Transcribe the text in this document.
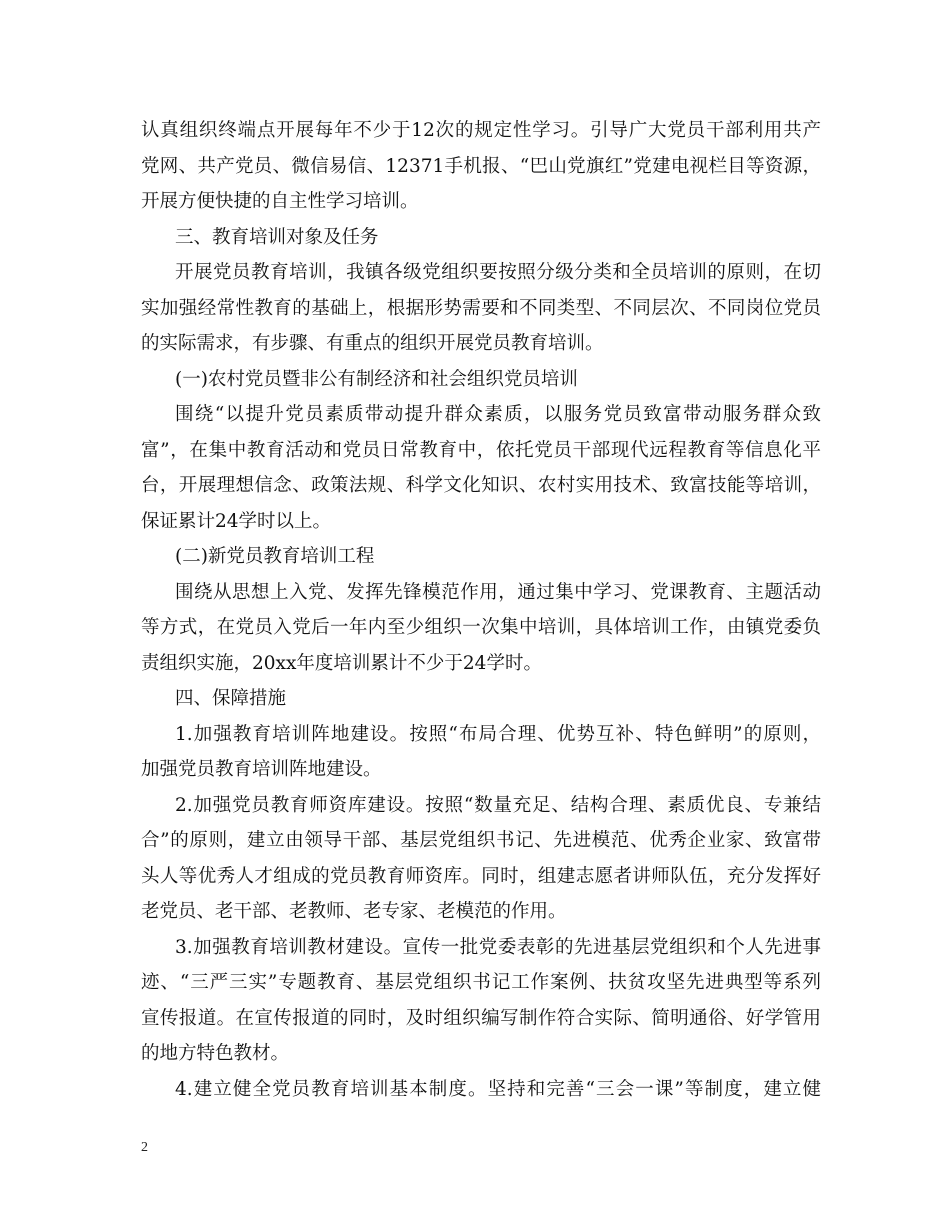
认真组织终端点开展每年不少于12次的规定性学习。引导广大党员干部利用共产
党网、共产党员、微信易信、12371手机报、“巴山党旗红”党建电视栏目等资源，
开展方便快捷的自主性学习培训。
三、教育培训对象及任务
开展党员教育培训，我镇各级党组织要按照分级分类和全员培训的原则，在切
实加强经常性教育的基础上，根据形势需要和不同类型、不同层次、不同岗位党员
的实际需求，有步骤、有重点的组织开展党员教育培训。
(一)农村党员暨非公有制经济和社会组织党员培训
围绕“以提升党员素质带动提升群众素质，以服务党员致富带动服务群众致
富”，在集中教育活动和党员日常教育中，依托党员干部现代远程教育等信息化平
台，开展理想信念、政策法规、科学文化知识、农村实用技术、致富技能等培训，
保证累计24学时以上。
(二)新党员教育培训工程
围绕从思想上入党、发挥先锋模范作用，通过集中学习、党课教育、主题活动
等方式，在党员入党后一年内至少组织一次集中培训，具体培训工作，由镇党委负
责组织实施，20xx年度培训累计不少于24学时。
四、保障措施
1.加强教育培训阵地建设。按照“布局合理、优势互补、特色鲜明”的原则，
加强党员教育培训阵地建设。
2.加强党员教育师资库建设。按照“数量充足、结构合理、素质优良、专兼结
合”的原则，建立由领导干部、基层党组织书记、先进模范、优秀企业家、致富带
头人等优秀人才组成的党员教育师资库。同时，组建志愿者讲师队伍，充分发挥好
老党员、老干部、老教师、老专家、老模范的作用。
3.加强教育培训教材建设。宣传一批党委表彰的先进基层党组织和个人先进事
迹、“三严三实”专题教育、基层党组织书记工作案例、扶贫攻坚先进典型等系列
宣传报道。在宣传报道的同时，及时组织编写制作符合实际、简明通俗、好学管用
的地方特色教材。
4.建立健全党员教育培训基本制度。坚持和完善“三会一课”等制度，建立健
2
